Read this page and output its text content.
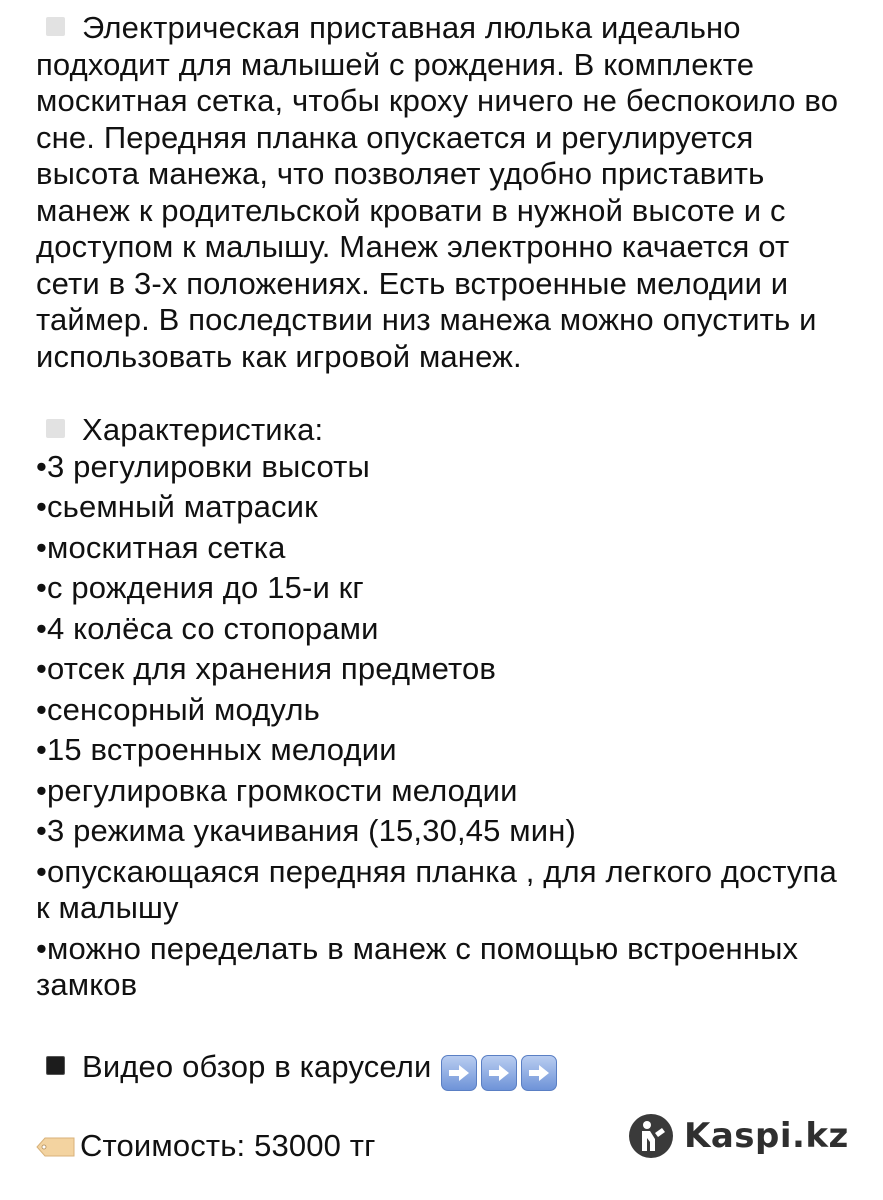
Электрическая приставная люлька идеально подходит для малышей с рождения. В комплекте москитная сетка, чтобы кроху ничего не беспокоило во сне. Передняя планка опускается и регулируется высота манежа, что позволяет удобно приставить манеж к родительской кровати в нужной высоте и с доступом к малышу. Манеж электронно качается от сети в 3-х положениях. Есть встроенные мелодии и таймер. В последствии низ манежа можно опустить и использовать как игровой манеж.

Характеристика:

•3 регулировки высоты
•сьемный матрасик
•москитная сетка
•с рождения до 15-и кг
•4 колёса со стопорами
•отсек для хранения предметов
•сенсорный модуль
•15 встроенных мелодии
•регулировка громкости мелодии
•3 режима укачивания (15,30,45 мин)
•опускающаяся передняя планка , для легкого доступа к малышу
•можно переделать в манеж с помощью встроенных замков

Видео обзор в карусели

Стоимость: 53000 тг	Kaspi.kz
